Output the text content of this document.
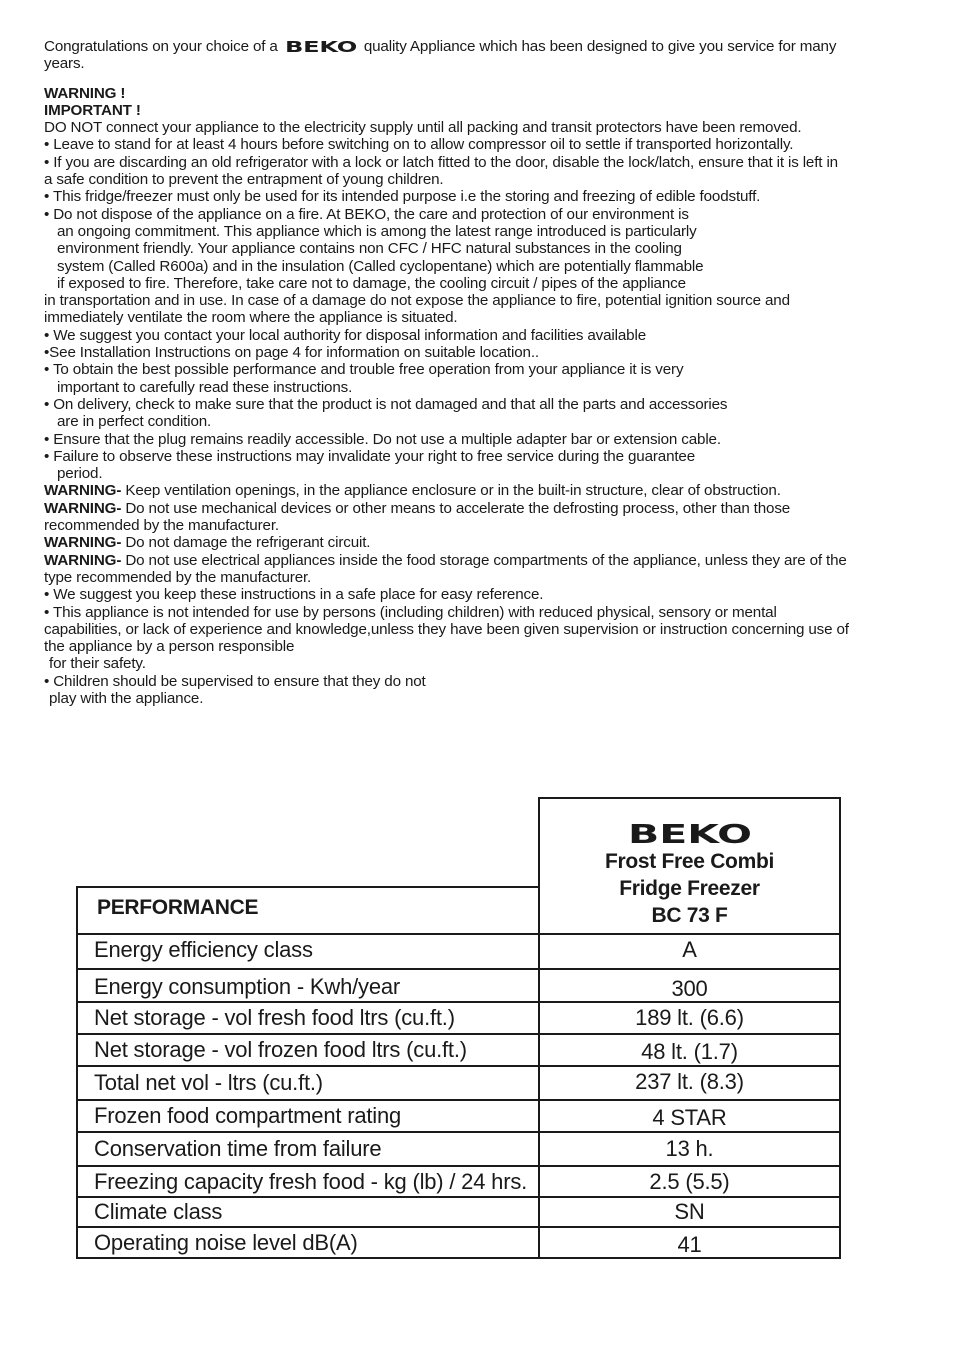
Congratulations on your choice of a BEKO quality Appliance which has been designed to give you service for many years.

WARNING !

IMPORTANT !

DO NOT connect your appliance to the electricity supply until all packing and transit protectors have been removed.

• Leave to stand for at least 4 hours before switching on to allow compressor oil to settle if transported horizontally.

• If you are discarding an old refrigerator with a lock or latch fitted to the door, disable the lock/latch, ensure that it is left in a safe condition to prevent the entrapment of young children.

• This fridge/freezer must only be used for its intended purpose i.e the storing and freezing of edible foodstuff.

• Do not dispose of the appliance on a fire. At BEKO, the care and protection of our environment is

an ongoing commitment. This appliance which is among the latest range introduced is particularly

environment friendly. Your appliance contains non CFC / HFC natural substances in the cooling

system (Called R600a) and in the insulation (Called cyclopentane) which are potentially flammable

if exposed to fire. Therefore, take care not to damage, the cooling circuit / pipes of the appliance

in transportation and in use. In case of a damage do not expose the appliance to fire, potential ignition source and immediately ventilate the room where the appliance is situated.

• We suggest you contact your local authority for disposal information and facilities available

•See Installation Instructions on page 4 for information on suitable location..

• To obtain the best possible performance and trouble free operation from your appliance it is very

important to carefully read these instructions.

• On delivery, check to make sure that the product is not damaged and that all the parts and accessories

are in perfect condition.

• Ensure that the plug remains readily accessible. Do not use a multiple adapter bar or extension cable.

• Failure to observe these instructions may invalidate your right to free service during the guarantee

period.

WARNING- Keep ventilation openings, in the appliance enclosure or in the built-in structure, clear of obstruction.

WARNING- Do not use mechanical devices or other means to accelerate the defrosting process, other than those recommended by the manufacturer.

WARNING- Do not damage the refrigerant circuit.

WARNING- Do not use electrical appliances inside the food storage compartments of the appliance, unless they are of the type recommended by the manufacturer.

• We suggest you keep these instructions in a safe place for easy reference.

• This appliance is not intended for use by persons (including children) with reduced physical, sensory or mental capabilities, or lack of experience and knowledge,unless they have been given supervision or instruction concerning use of the appliance by a person responsible

for their safety.

• Children should be supervised to ensure that they do not

play with the appliance.

BEKO
Frost Free Combi
Fridge Freezer
BC 73 F
PERFORMANCE
Energy efficiency class	A
Energy consumption - Kwh/year	300
Net storage - vol fresh food ltrs (cu.ft.)	189 lt. (6.6)
Net storage - vol frozen food ltrs (cu.ft.)	48 lt. (1.7)
Total net vol - ltrs (cu.ft.)	237 lt. (8.3)
Frozen food compartment rating	4 STAR
Conservation time from failure	13 h.
Freezing capacity fresh food - kg (lb) / 24 hrs.	2.5 (5.5)
Climate class	SN
Operating noise level dB(A)	41
